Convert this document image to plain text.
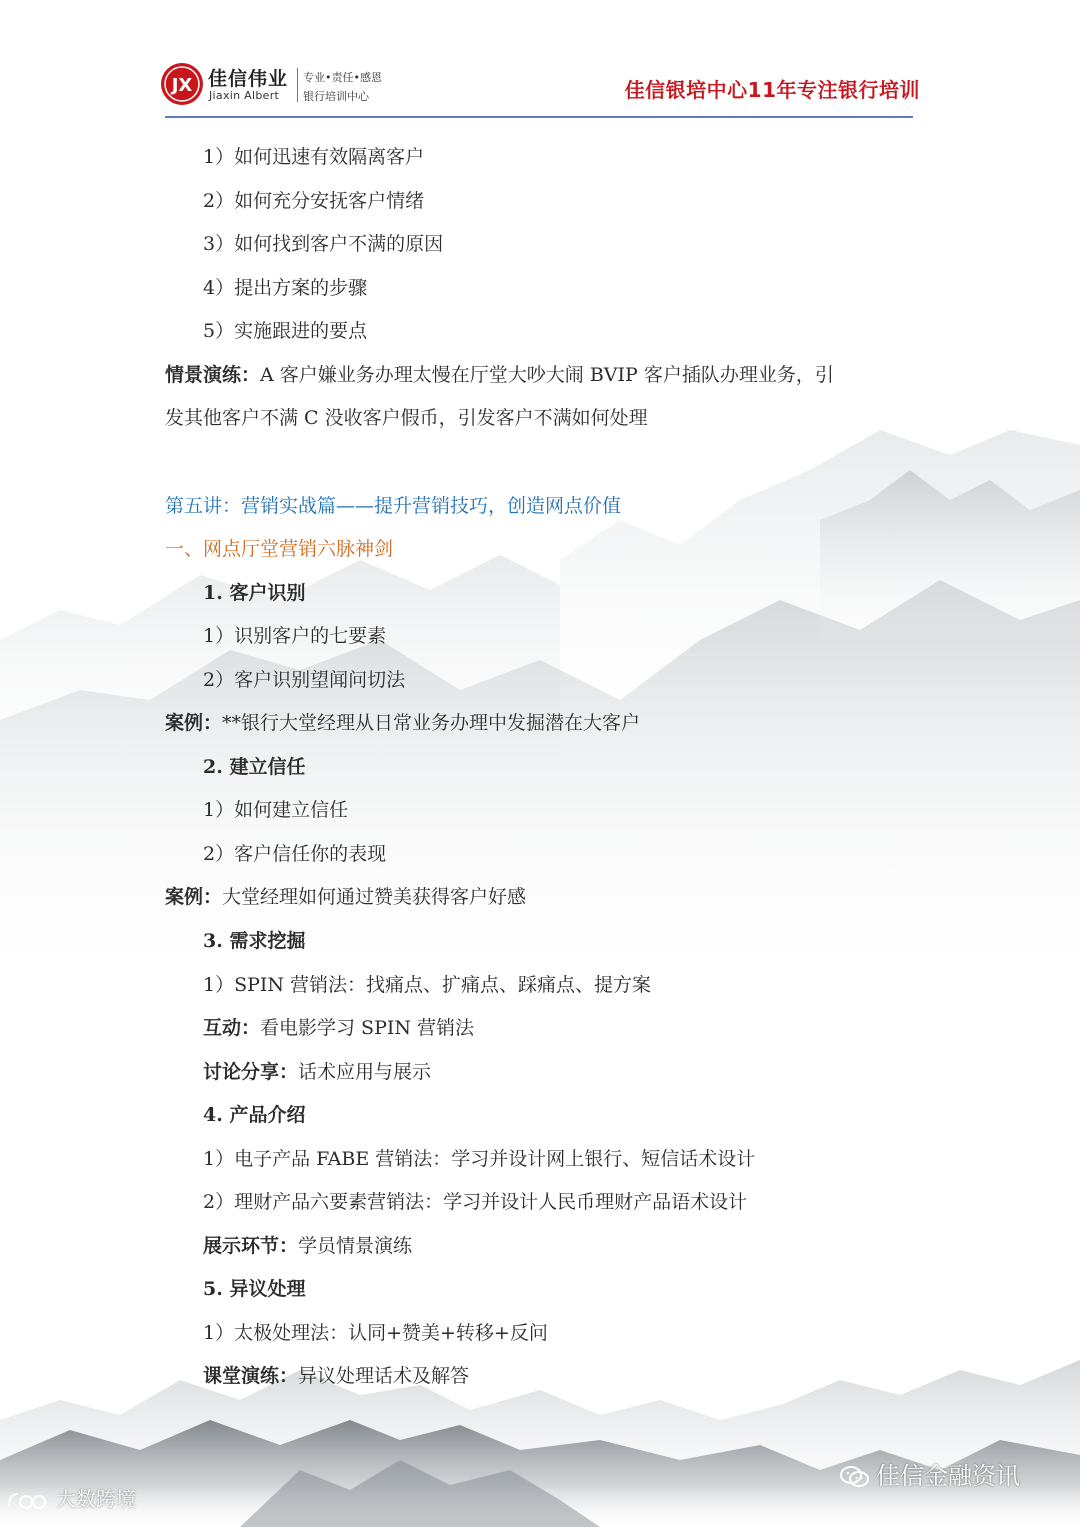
JX 佳信伟业
Jiaxin Albert
专业•责任•感恩
银行培训中心	佳信银培中心11年专注银行培训
1）如何迅速有效隔离客户
2）如何充分安抚客户情绪
3）如何找到客户不满的原因
4）提出方案的步骤
5）实施跟进的要点
情景演练：A 客户嫌业务办理太慢在厅堂大吵大闹 BVIP 客户插队办理业务，引
发其他客户不满 C 没收客户假币，引发客户不满如何处理
第五讲：营销实战篇——提升营销技巧，创造网点价值
一、网点厅堂营销六脉神剑
1. 客户识别
1）识别客户的七要素
2）客户识别望闻问切法
案例：**银行大堂经理从日常业务办理中发掘潜在大客户
2. 建立信任
1）如何建立信任
2）客户信任你的表现
案例：大堂经理如何通过赞美获得客户好感
3. 需求挖掘
1）SPIN 营销法：找痛点、扩痛点、踩痛点、提方案
互动：看电影学习 SPIN 营销法
讨论分享：话术应用与展示
4. 产品介绍
1）电子产品 FABE 营销法：学习并设计网上银行、短信话术设计
2）理财产品六要素营销法：学习并设计人民币理财产品语术设计
展示环节：学员情景演练
5. 异议处理
1）太极处理法：认同+赞美+转移+反问
课堂演练：异议处理话术及解答
佳信金融资讯
大数跨境
